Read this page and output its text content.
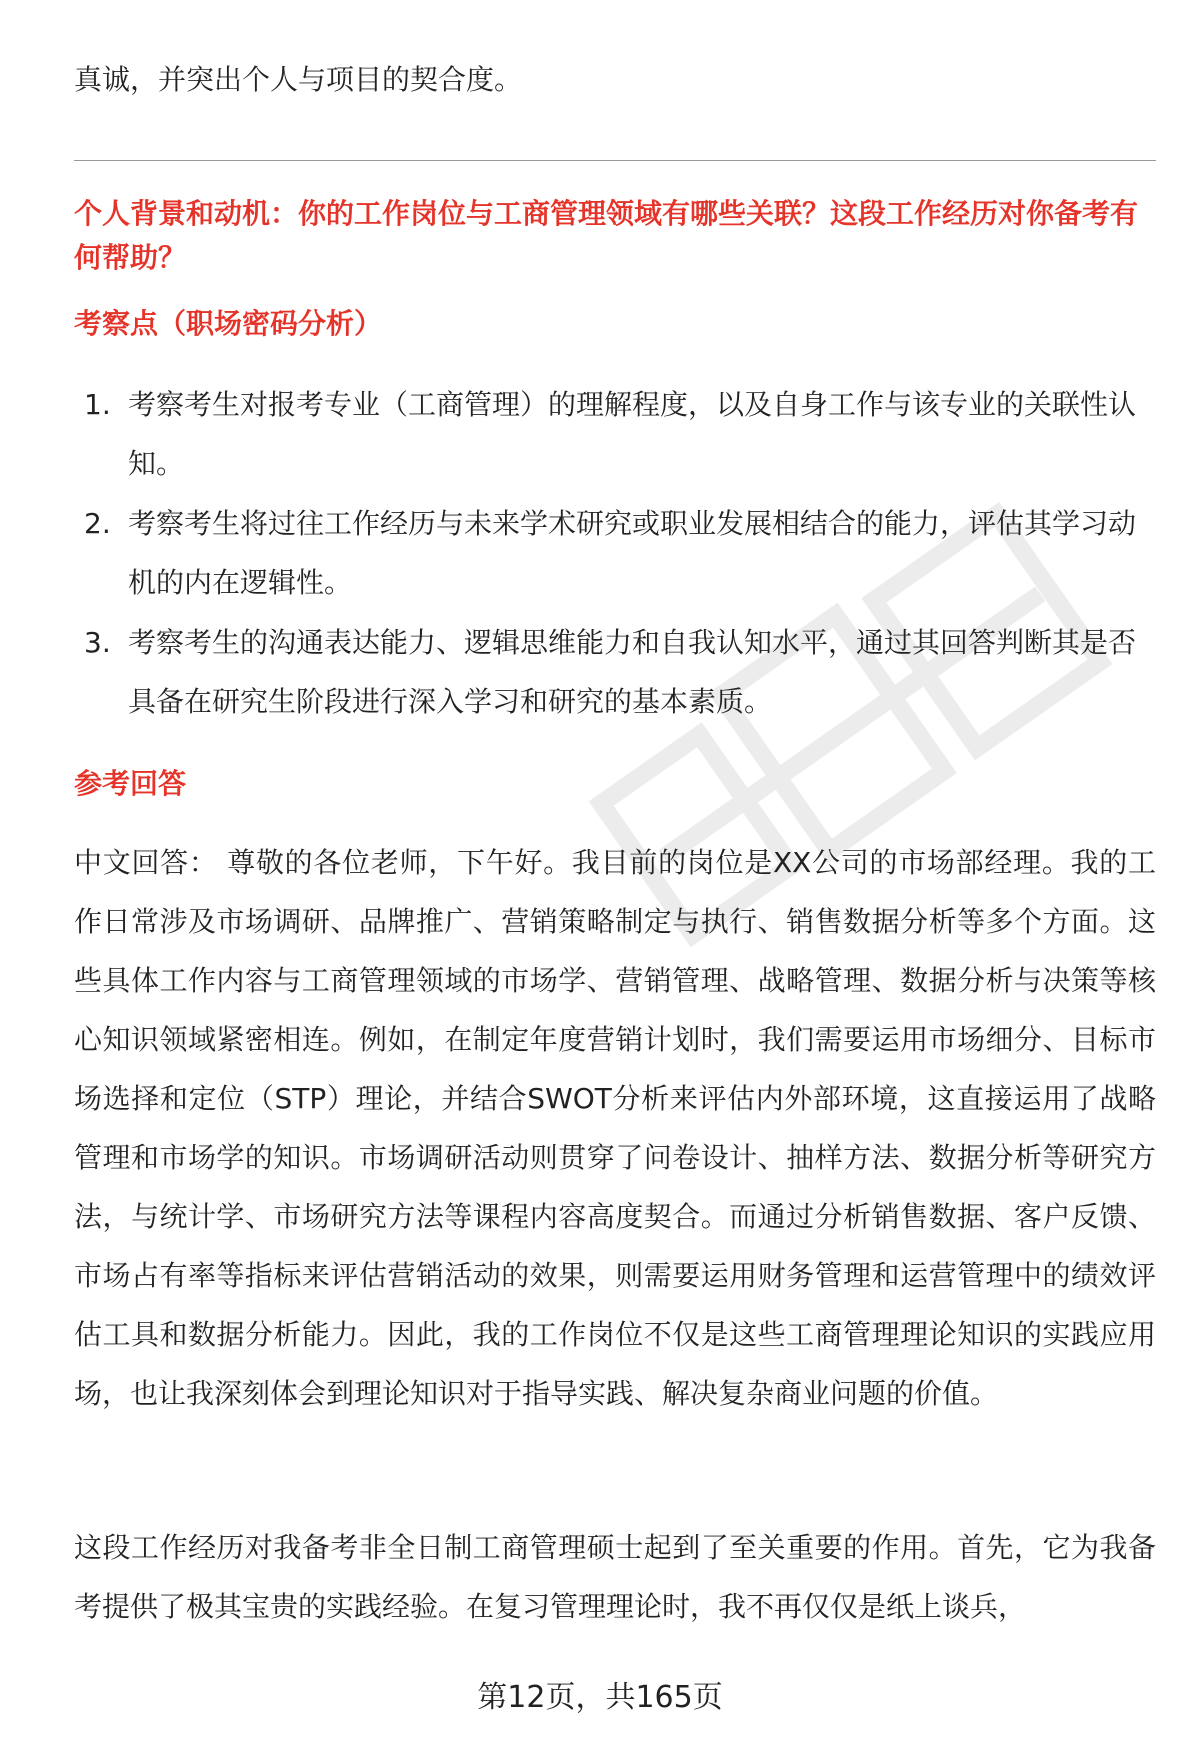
真诚，并突出个人与项目的契合度。
个人背景和动机：你的工作岗位与工商管理领域有哪些关联？这段工作经历对你备考有何帮助？
考察点（职场密码分析）
1. 考察考生对报考专业（工商管理）的理解程度，以及自身工作与该专业的关联性认知。
2. 考察考生将过往工作经历与未来学术研究或职业发展相结合的能力，评估其学习动机的内在逻辑性。
3. 考察考生的沟通表达能力、逻辑思维能力和自我认知水平，通过其回答判断其是否具备在研究生阶段进行深入学习和研究的基本素质。
参考回答

中文回答： 尊敬的各位老师，下午好。我目前的岗位是XX公司的市场部经理。我的工作日常涉及市场调研、品牌推广、营销策略制定与执行、销售数据分析等多个方面。这些具体工作内容与工商管理领域的市场学、营销管理、战略管理、数据分析与决策等核心知识领域紧密相连。例如，在制定年度营销计划时，我们需要运用市场细分、目标市场选择和定位（STP）理论，并结合SWOT分析来评估内外部环境，这直接运用了战略管理和市场学的知识。市场调研活动则贯穿了问卷设计、抽样方法、数据分析等研究方法，与统计学、市场研究方法等课程内容高度契合。而通过分析销售数据、客户反馈、市场占有率等指标来评估营销活动的效果，则需要运用财务管理和运营管理中的绩效评估工具和数据分析能力。因此，我的工作岗位不仅是这些工商管理理论知识的实践应用场，也让我深刻体会到理论知识对于指导实践、解决复杂商业问题的价值。

这段工作经历对我备考非全日制工商管理硕士起到了至关重要的作用。首先，它为我备考提供了极其宝贵的实践经验。在复习管理理论时，我不再仅仅是纸上谈兵，

第12页，共165页
